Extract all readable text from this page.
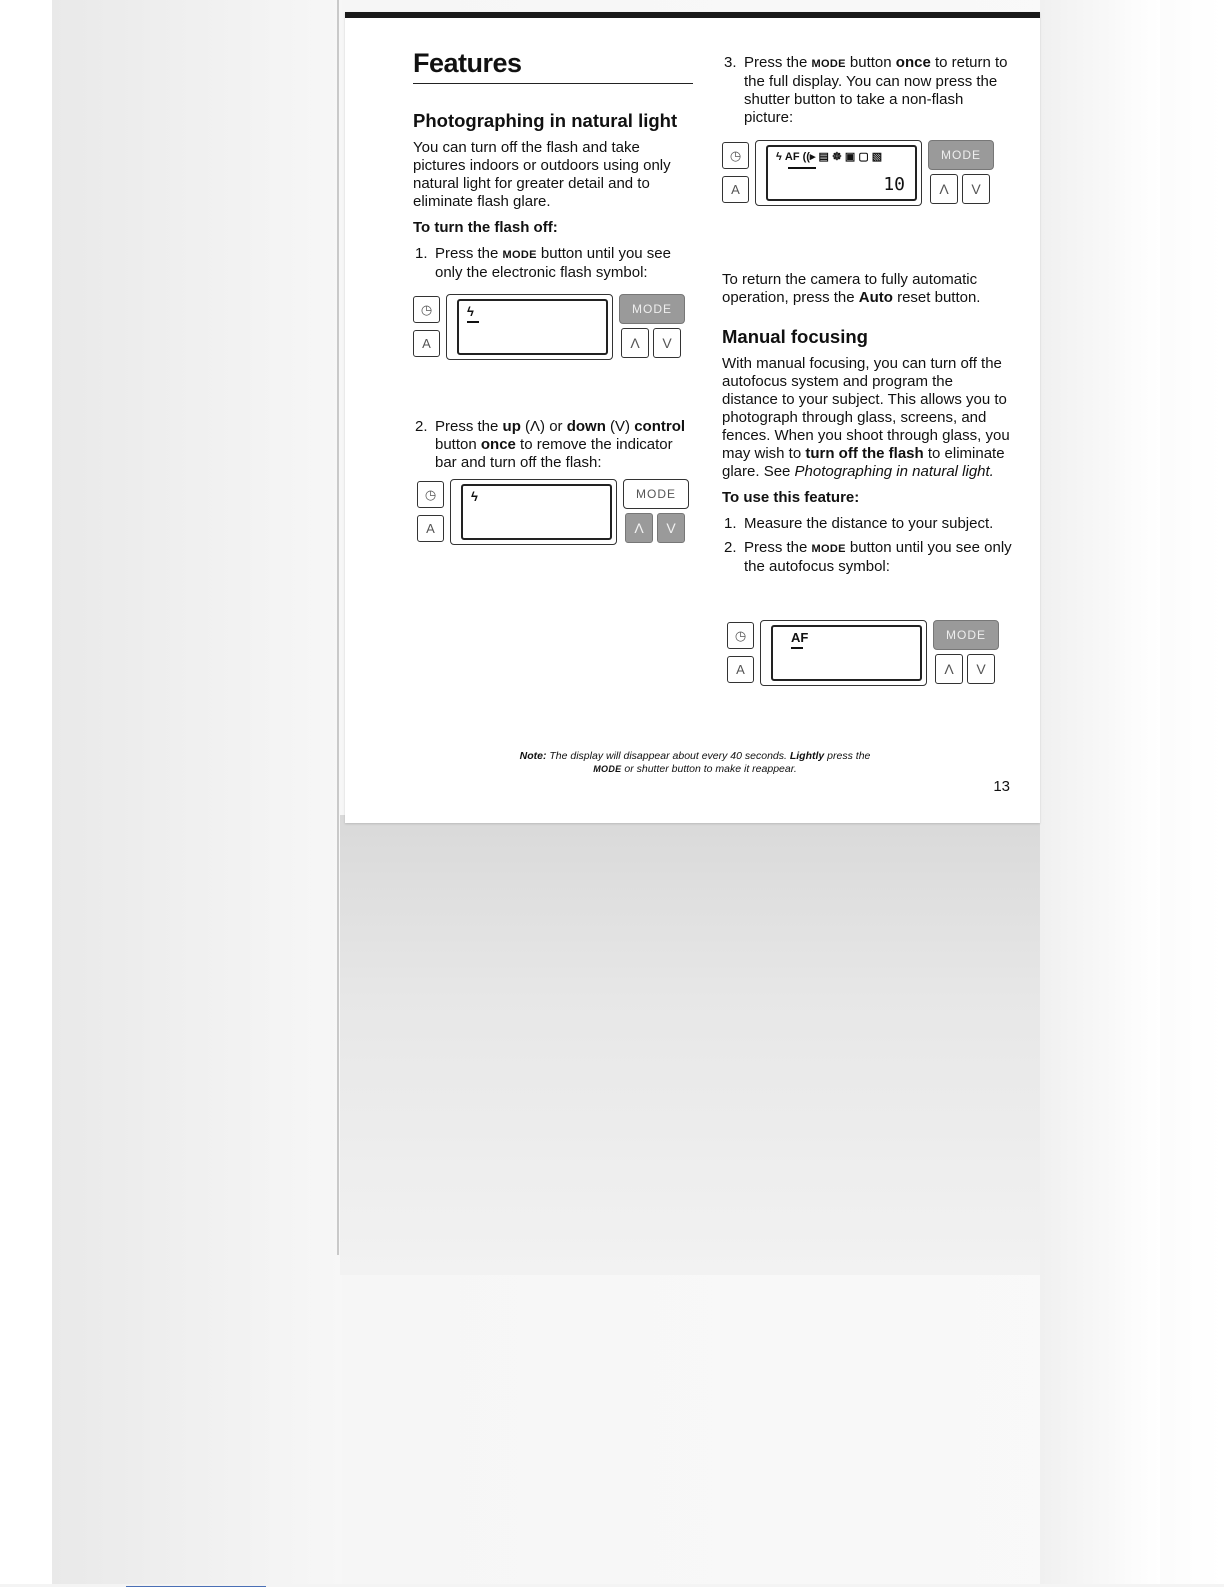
Features
Photographing in natural light

You can turn off the flash and take pictures indoors or outdoors using only natural light for greater detail and to eliminate flash glare.

To turn the flash off:

1. Press the MODE button until you see only the electronic flash symbol:
2. Press the up (Λ) or down (V) control button once to remove the indicator bar and turn off the flash:
◷
A
ϟ	MODE
Λ	V
◷
A
ϟ	MODE
Λ	V
3. Press the MODE button once to return to the full display. You can now press the shutter button to take a non-flash picture:

To return the camera to fully automatic operation, press the Auto reset button.

Manual focusing

With manual focusing, you can turn off the autofocus system and program the distance to your subject. This allows you to photograph through glass, screens, and fences. When you shoot through glass, you may wish to turn off the flash to eliminate glare. See Photographing in natural light.

To use this feature:

1. Measure the distance to your subject.
2. Press the MODE button until you see only the autofocus symbol:
◷
A
ϟ AF ((▸ ▤ ☸ ▣ ▢ ▧
10
MODE
Λ	V
◷
A
AF	MODE
Λ	V
Note: The display will disappear about every 40 seconds. Lightly press the MODE or shutter button to make it reappear.
13
